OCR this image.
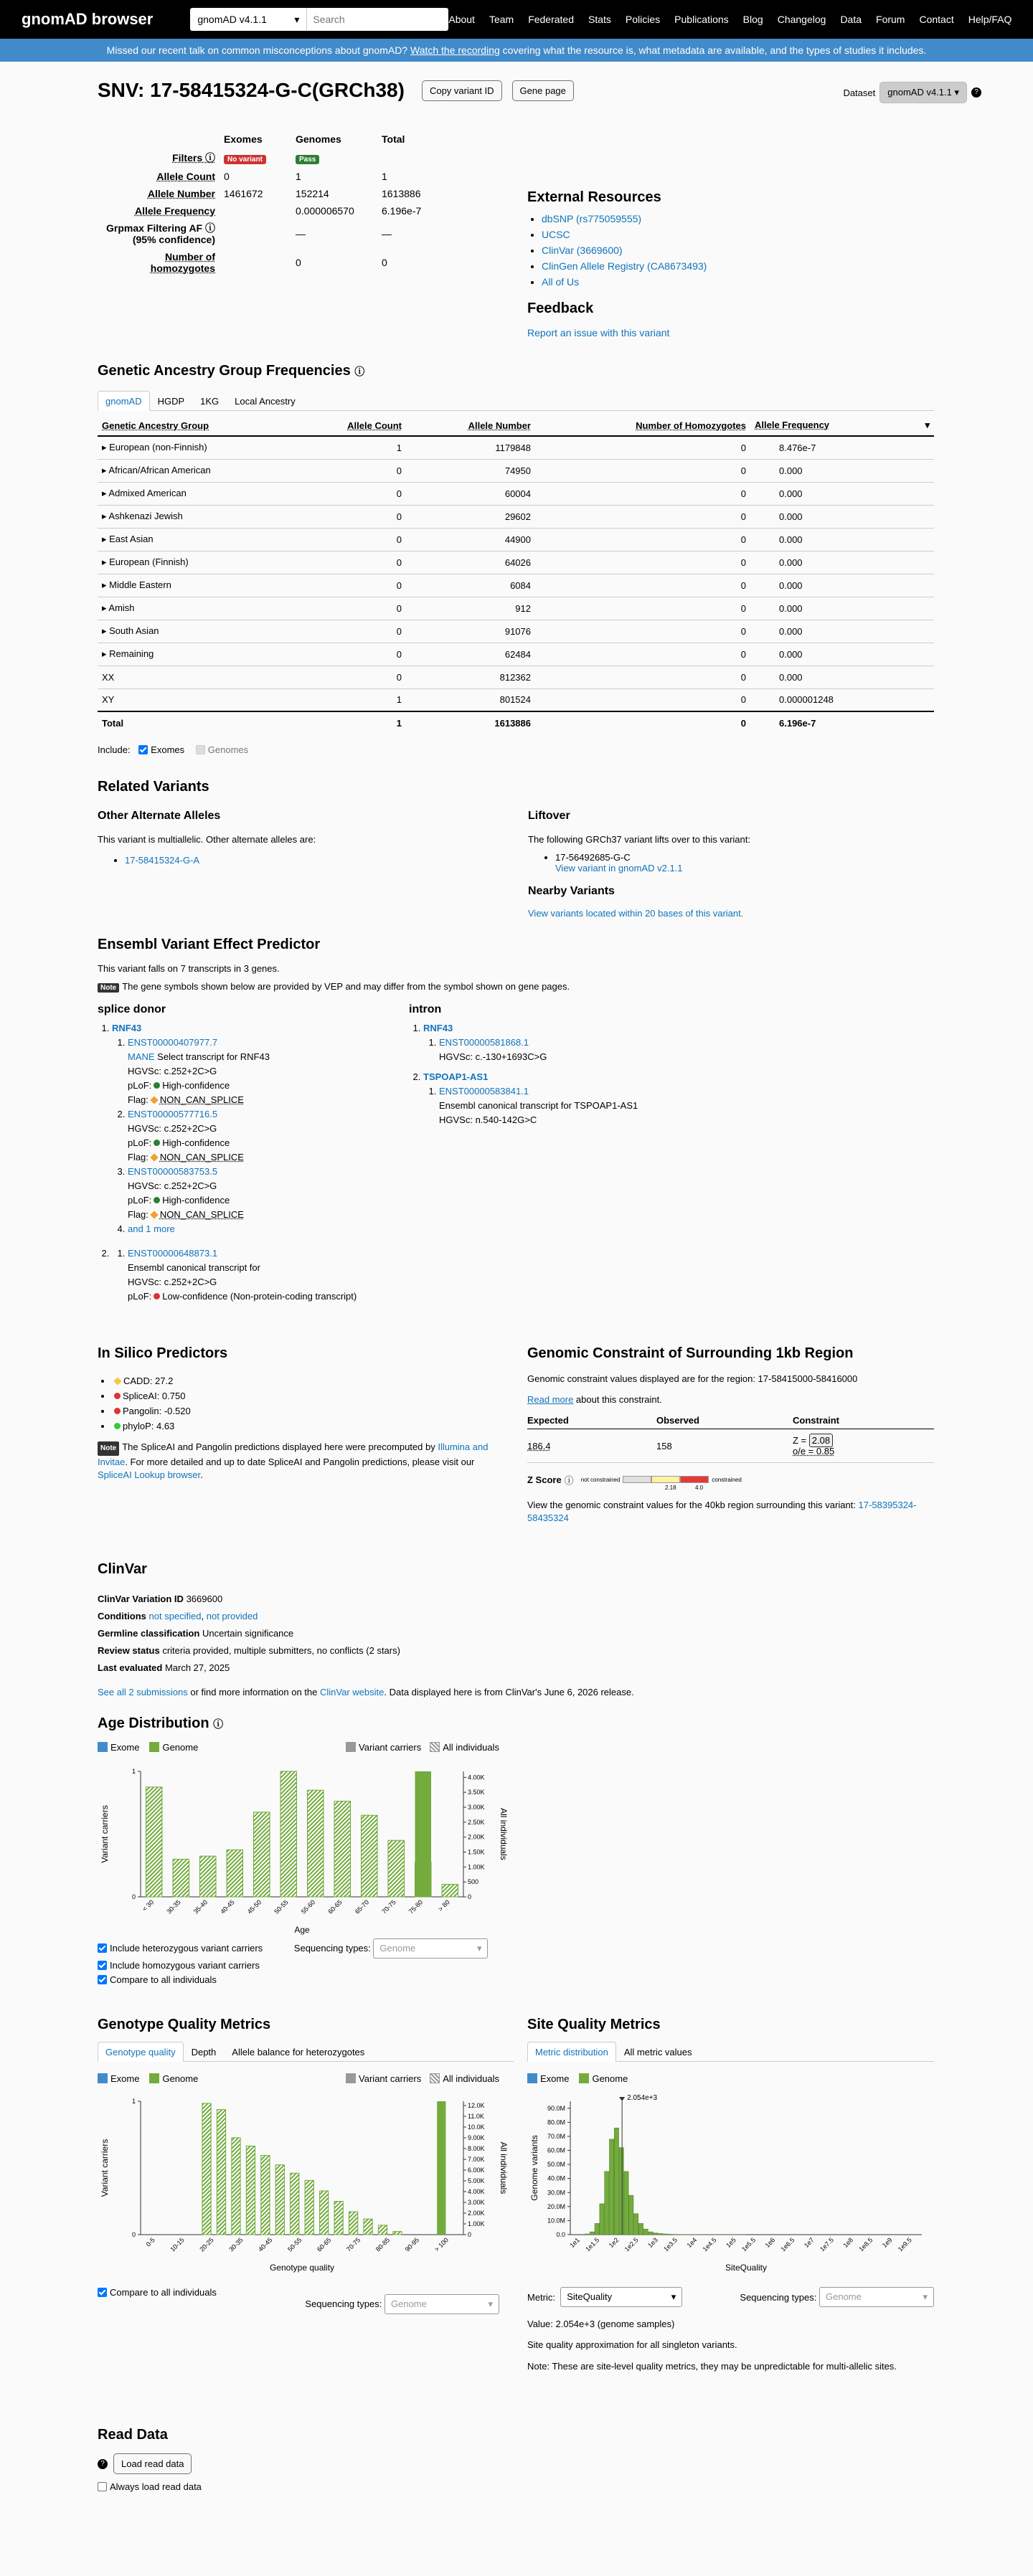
gnomAD browser	gnomAD v4.1.1	▾
Search	About Team Federated Stats Policies Publications Blog Changelog Data Forum Contact Help/FAQ
Missed our recent talk on common misconceptions about gnomAD? Watch the recording covering what the resource is, what metadata are available, and the types of studies it includes.
SNV: 17-58415324-G-C(GRCh38)	Copy variant ID	Gene page	Dataset	gnomAD v4.1.1 ▾	?
	Exomes	Genomes	Total
Filters ⓘ	No variant	Pass	
Allele Count	0	1	1
Allele Number	1461672	152214	1613886
Allele Frequency		0.000006570	6.196e-7
Grpmax Filtering AF ⓘ
(95% confidence)		—	—
Number of homozygotes		0	0
External Resources
• dbSNP (rs775059555)
• UCSC
• ClinVar (3669600)
• ClinGen Allele Registry (CA8673493)
• All of Us
Feedback
Report an issue with this variant
Genetic Ancestry Group Frequencies ⓘ
gnomAD	HGDP	1KG	Local Ancestry
Genetic Ancestry Group	Allele Count	Allele Number	Number of Homozygotes	Allele Frequency ▾

▸ European (non-Finnish)	1	1179848	0	8.476e-7
▸ African/African American	0	74950	0	0.000
▸ Admixed American	0	60004	0	0.000
▸ Ashkenazi Jewish	0	29602	0	0.000
▸ East Asian	0	44900	0	0.000
▸ European (Finnish)	0	64026	0	0.000
▸ Middle Eastern	0	6084	0	0.000
▸ Amish	0	912	0	0.000
▸ South Asian	0	91076	0	0.000
▸ Remaining	0	62484	0	0.000
XX	0	812362	0	0.000
XY	1	801524	0	0.000001248
Total	1	1613886	0	6.196e-7
Include: Exomes	Genomes
Related Variants
Other Alternate Alleles

This variant is multiallelic. Other alternate alleles are:

• 17-58415324-G-A
Liftover

The following GRCh37 variant lifts over to this variant:

• 17-56492685-G-C
View variant in gnomAD v2.1.1
Nearby Variants
View variants located within 20 bases of this variant.
Ensembl Variant Effect Predictor

This variant falls on 7 transcripts in 3 genes.

Note The gene symbols shown below are provided by VEP and may differ from the symbol shown on gene pages.

splice donor
1. RNF43
1. ENST00000407977.7
MANE Select transcript for RNF43
HGVSc: c.252+2C>G
pLoF: High-confidence
Flag: NON_CAN_SPLICE
2. ENST00000577716.5
HGVSc: c.252+2C>G
pLoF: High-confidence
Flag: NON_CAN_SPLICE
3. ENST00000583753.5
HGVSc: c.252+2C>G
pLoF: High-confidence
Flag: NON_CAN_SPLICE
4. and 1 more
1. 2. ENST00000648873.1
Ensembl canonical transcript for
HGVSc: c.252+2C>G
pLoF: Low-confidence (Non-protein-coding transcript)
intron
1. RNF43
1. ENST00000581868.1
HGVSc: c.-130+1693C>G
2. TSPOAP1-AS1
1. ENST00000583841.1
Ensembl canonical transcript for TSPOAP1-AS1
HGVSc: n.540-142G>C
In Silico Predictors
• CADD: 27.2
• SpliceAI: 0.750
• Pangolin: -0.520
• phyloP: 4.63

Note The SpliceAI and Pangolin predictions displayed here were precomputed by Illumina and Invitae. For more detailed and up to date SpliceAI and Pangolin predictions, please visit our SpliceAI Lookup browser.

Genomic Constraint of Surrounding 1kb Region

Genomic constraint values displayed are for the region: 17-58415000-58416000

Read more about this constraint.

Expected	Observed	Constraint
186.4	158	Z = 2.08
o/e = 0.85
Z Score ⓘ not constrained	constrained
2.18	4.0

View the genomic constraint values for the 40kb region surrounding this variant: 17-58395324-58435324

ClinVar
ClinVar Variation ID 3669600
Conditions not specified, not provided
Germline classification Uncertain significance
Review status criteria provided, multiple submitters, no conflicts (2 stars)
Last evaluated March 27, 2025
See all 2 submissions or find more information on the ClinVar website. Data displayed here is from ClinVar's June 6, 2026 release.
Age Distribution ⓘ
Exome	Genome	Variant carriers	All individuals
0
1
0
500
1.00K
1.50K
2.00K
2.50K
3.00K
3.50K
4.00K
< 30 30-35 35-40 40-45 45-50 50-55 55-60 60-65 65-70 70-75 75-80 > 80
Age
Variant carriers	All individuals
Include heterozygous variant carriers	Sequencing types: Genome	▾
Include homozygous variant carriers
Compare to all individuals
Genotype Quality Metrics
Genotype quality	Depth	Allele balance for heterozygotes
Exome	Genome	Variant carriers	All individuals
0
1
0
1.00K
2.00K
3.00K
4.00K
5.00K
6.00K
7.00K
8.00K
9.00K
10.0K
11.0K
12.0K
0-5 10-15 20-25 30-35 40-45 50-55 60-65 70-75 80-85 90-95 > 100
Genotype quality
Variant carriers	All individuals
Compare to all individuals
Sequencing types: Genome	▾
Site Quality Metrics
Metric distribution	All metric values
Exome	Genome
0.0
10.0M
20.0M
30.0M
40.0M
50.0M
60.0M
70.0M
80.0M
90.0M
2.054e+3
1e1 1e1.5 1e2 1e2.5 1e3 1e3.5 1e4 1e4.5 1e5 1e5.5 1e6 1e6.5 1e7 1e7.5 1e8 1e8.5 1e9 1e9.5
SiteQuality
Genome variants
Metric:
	SiteQuality	▾	Sequencing types:
Genome	▾

Value: 2.054e+3 (genome samples)

Site quality approximation for all singleton variants.

Note: These are site-level quality metrics, they may be unpredictable for multi-allelic sites.

Read Data
?	Load read data
Always load read data
